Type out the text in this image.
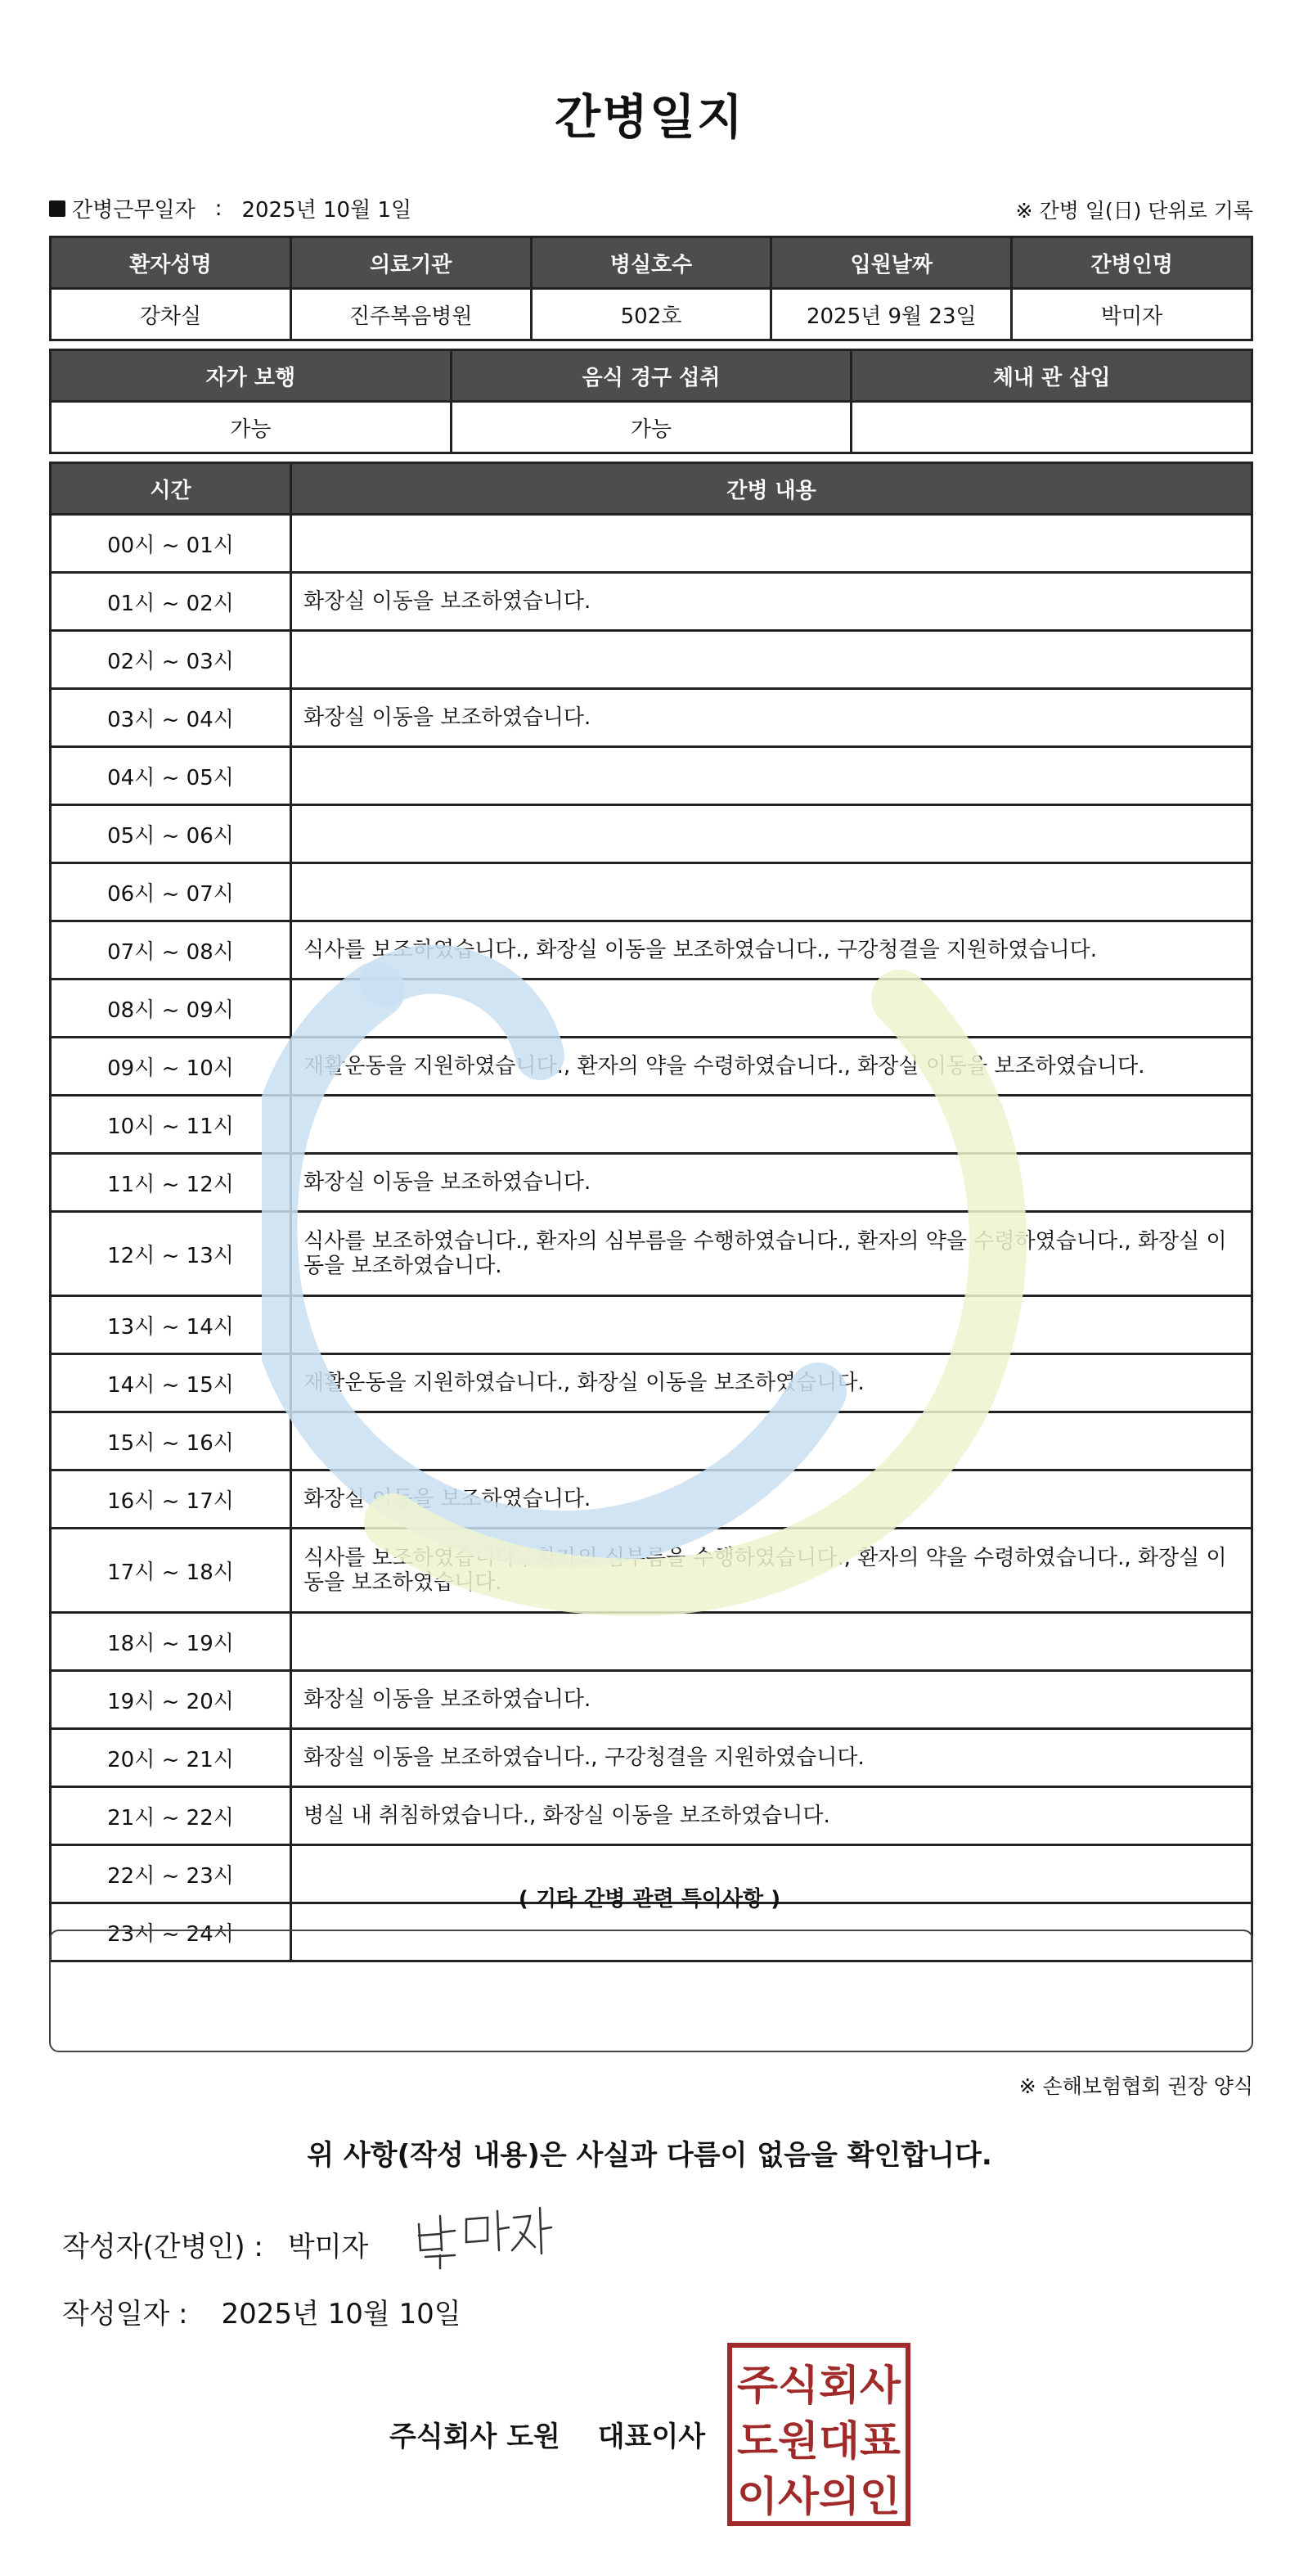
간병일지
간병근무일자 : 2025년 10월 1일	※ 간병 일(日) 단위로 기록
환자성명	의료기관	병실호수	입원날짜	간병인명
강차실	진주복음병원	502호	2025년 9월 23일	박미자
자가 보행	음식 경구 섭취	체내 관 삽입
가능	가능	
시간	간병 내용
00시 ~ 01시	
01시 ~ 02시	화장실 이동을 보조하였습니다.
02시 ~ 03시	
03시 ~ 04시	화장실 이동을 보조하였습니다.
04시 ~ 05시	
05시 ~ 06시	
06시 ~ 07시	
07시 ~ 08시	식사를 보조하였습니다., 화장실 이동을 보조하였습니다., 구강청결을 지원하였습니다.
08시 ~ 09시	
09시 ~ 10시	재활운동을 지원하였습니다., 환자의 약을 수령하였습니다., 화장실 이동을 보조하였습니다.
10시 ~ 11시	
11시 ~ 12시	화장실 이동을 보조하였습니다.
12시 ~ 13시	식사를 보조하였습니다., 환자의 심부름을 수행하였습니다., 환자의 약을 수령하였습니다., 화장실 이동을 보조하였습니다.
13시 ~ 14시	
14시 ~ 15시	재활운동을 지원하였습니다., 화장실 이동을 보조하였습니다.
15시 ~ 16시	
16시 ~ 17시	화장실 이동을 보조하였습니다.
17시 ~ 18시	식사를 보조하였습니다., 환자의 심부름을 수행하였습니다., 환자의 약을 수령하였습니다., 화장실 이동을 보조하였습니다.
18시 ~ 19시	
19시 ~ 20시	화장실 이동을 보조하였습니다.
20시 ~ 21시	화장실 이동을 보조하였습니다., 구강청결을 지원하였습니다.
21시 ~ 22시	병실 내 취침하였습니다., 화장실 이동을 보조하였습니다.
22시 ~ 23시	
23시 ~ 24시	
( 기타 간병 관련 특이사항 )
※ 손해보험협회 권장 양식
위 사항(작성 내용)은 사실과 다름이 없음을 확인합니다.
작성자(간병인) : 박미자
작성일자 : 2025년 10월 10일
주식회사 도원 대표이사
주식회사
도원대표
이사의인
